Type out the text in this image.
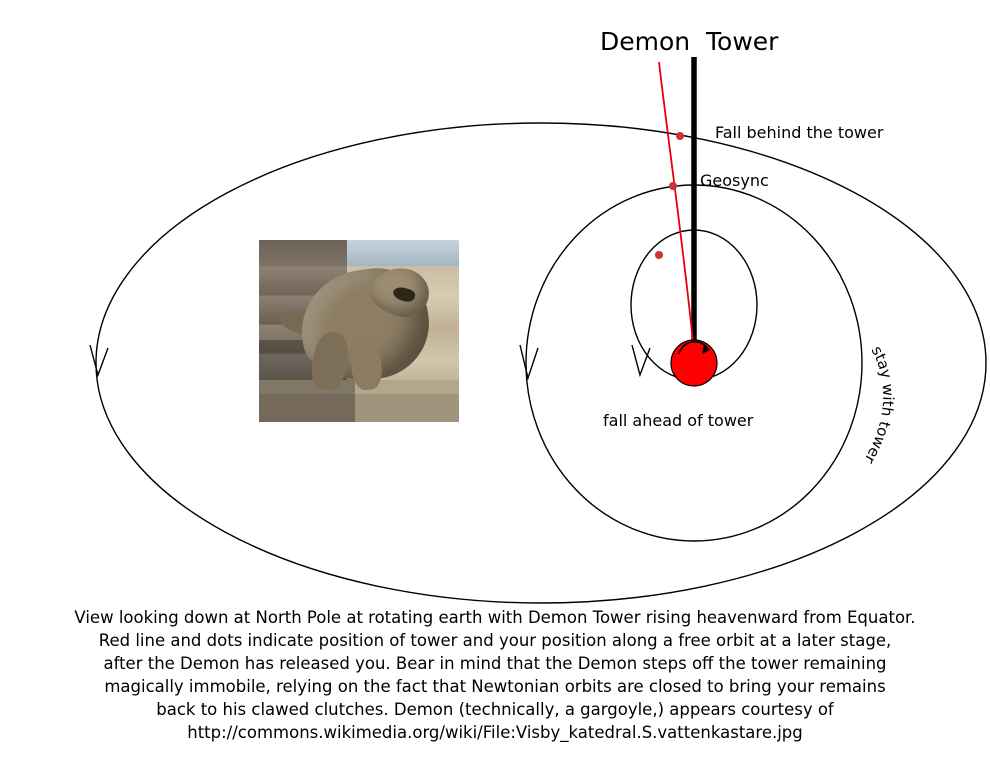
Demon Tower
Fall behind the tower
Geosync
fall ahead of tower
stay with tower
View looking down at North Pole at rotating earth with Demon Tower rising heavenward from Equator.
Red line and dots indicate position of tower and your position along a free orbit at a later stage,
after the Demon has released you. Bear in mind that the Demon steps off the tower remaining
magically immobile, relying on the fact that Newtonian orbits are closed to bring your remains
back to his clawed clutches. Demon (technically, a gargoyle,) appears courtesy of
http://commons.wikimedia.org/wiki/File:Visby_katedral.S.vattenkastare.jpg
